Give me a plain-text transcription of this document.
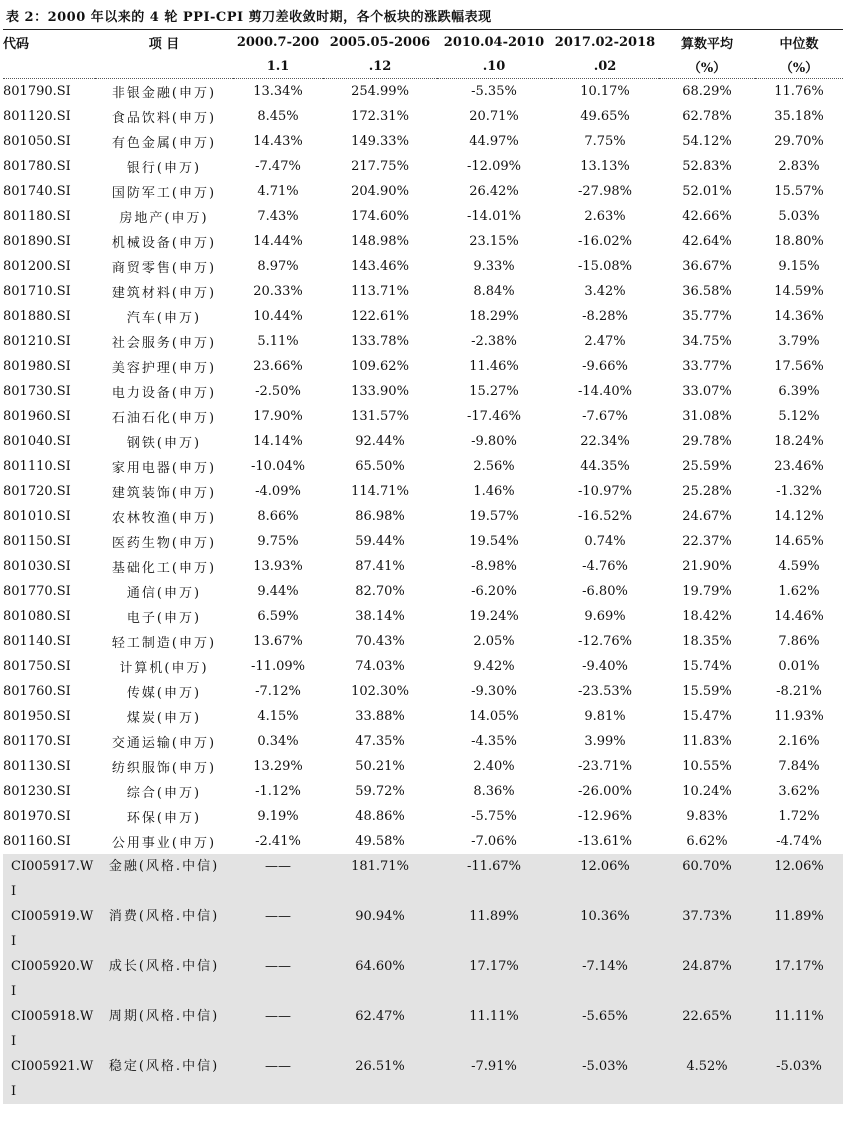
表 2：2000 年以来的 4 轮 PPI-CPI 剪刀差收敛时期，各个板块的涨跌幅表现
代码	项 目	2000.7-200	2005.05-2006	2010.04-2010	2017.02-2018	算数平均	中位数
		1.1	.12	.10	.02	（%）	（%）
801790.SI	非银金融(申万)	13.34%	254.99%	-5.35%	10.17%	68.29%	11.76%
801120.SI	食品饮料(申万)	8.45%	172.31%	20.71%	49.65%	62.78%	35.18%
801050.SI	有色金属(申万)	14.43%	149.33%	44.97%	7.75%	54.12%	29.70%
801780.SI	银行(申万)	-7.47%	217.75%	-12.09%	13.13%	52.83%	2.83%
801740.SI	国防军工(申万)	4.71%	204.90%	26.42%	-27.98%	52.01%	15.57%
801180.SI	房地产(申万)	7.43%	174.60%	-14.01%	2.63%	42.66%	5.03%
801890.SI	机械设备(申万)	14.44%	148.98%	23.15%	-16.02%	42.64%	18.80%
801200.SI	商贸零售(申万)	8.97%	143.46%	9.33%	-15.08%	36.67%	9.15%
801710.SI	建筑材料(申万)	20.33%	113.71%	8.84%	3.42%	36.58%	14.59%
801880.SI	汽车(申万)	10.44%	122.61%	18.29%	-8.28%	35.77%	14.36%
801210.SI	社会服务(申万)	5.11%	133.78%	-2.38%	2.47%	34.75%	3.79%
801980.SI	美容护理(申万)	23.66%	109.62%	11.46%	-9.66%	33.77%	17.56%
801730.SI	电力设备(申万)	-2.50%	133.90%	15.27%	-14.40%	33.07%	6.39%
801960.SI	石油石化(申万)	17.90%	131.57%	-17.46%	-7.67%	31.08%	5.12%
801040.SI	钢铁(申万)	14.14%	92.44%	-9.80%	22.34%	29.78%	18.24%
801110.SI	家用电器(申万)	-10.04%	65.50%	2.56%	44.35%	25.59%	23.46%
801720.SI	建筑装饰(申万)	-4.09%	114.71%	1.46%	-10.97%	25.28%	-1.32%
801010.SI	农林牧渔(申万)	8.66%	86.98%	19.57%	-16.52%	24.67%	14.12%
801150.SI	医药生物(申万)	9.75%	59.44%	19.54%	0.74%	22.37%	14.65%
801030.SI	基础化工(申万)	13.93%	87.41%	-8.98%	-4.76%	21.90%	4.59%
801770.SI	通信(申万)	9.44%	82.70%	-6.20%	-6.80%	19.79%	1.62%
801080.SI	电子(申万)	6.59%	38.14%	19.24%	9.69%	18.42%	14.46%
801140.SI	轻工制造(申万)	13.67%	70.43%	2.05%	-12.76%	18.35%	7.86%
801750.SI	计算机(申万)	-11.09%	74.03%	9.42%	-9.40%	15.74%	0.01%
801760.SI	传媒(申万)	-7.12%	102.30%	-9.30%	-23.53%	15.59%	-8.21%
801950.SI	煤炭(申万)	4.15%	33.88%	14.05%	9.81%	15.47%	11.93%
801170.SI	交通运输(申万)	0.34%	47.35%	-4.35%	3.99%	11.83%	2.16%
801130.SI	纺织服饰(申万)	13.29%	50.21%	2.40%	-23.71%	10.55%	7.84%
801230.SI	综合(申万)	-1.12%	59.72%	8.36%	-26.00%	10.24%	3.62%
801970.SI	环保(申万)	9.19%	48.86%	-5.75%	-12.96%	9.83%	1.72%
801160.SI	公用事业(申万)	-2.41%	49.58%	-7.06%	-13.61%	6.62%	-4.74%
CI005917.WI	金融(风格.中信)	——	181.71%	-11.67%	12.06%	60.70%	12.06%
CI005919.WI	消费(风格.中信)	——	90.94%	11.89%	10.36%	37.73%	11.89%
CI005920.WI	成长(风格.中信)	——	64.60%	17.17%	-7.14%	24.87%	17.17%
CI005918.WI	周期(风格.中信)	——	62.47%	11.11%	-5.65%	22.65%	11.11%
CI005921.WI	稳定(风格.中信)	——	26.51%	-7.91%	-5.03%	4.52%	-5.03%
